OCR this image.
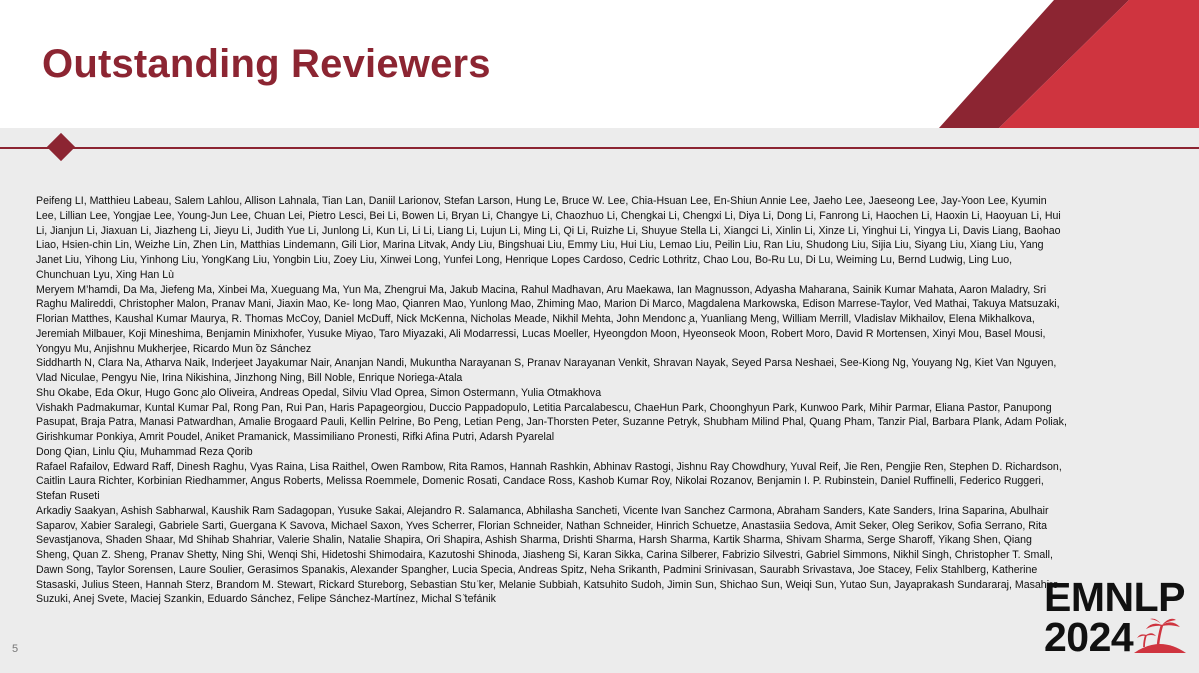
Outstanding Reviewers

Peifeng LI, Matthieu Labeau, Salem Lahlou, Allison Lahnala, Tian Lan, Daniil Larionov, Stefan Larson, Hung Le, Bruce W. Lee, Chia-Hsuan Lee, En-Shiun Annie Lee, Jaeho Lee, Jaeseong Lee, Jay-Yoon Lee, Kyumin Lee, Lillian Lee, Yongjae Lee, Young-Jun Lee, Chuan Lei, Pietro Lesci, Bei Li, Bowen Li, Bryan Li, Changye Li, Chaozhuo Li, Chengkai Li, Chengxi Li, Diya Li, Dong Li, Fanrong Li, Haochen Li, Haoxin Li, Haoyuan Li, Hui Li, Jianjun Li, Jiaxuan Li, Jiazheng Li, Jieyu Li, Judith Yue Li, Junlong Li, Kun Li, Li Li, Liang Li, Lujun Li, Ming Li, Qi Li, Ruizhe Li, Shuyue Stella Li, Xiangci Li, Xinlin Li, Xinze Li, Yinghui Li, Yingya Li, Davis Liang, Baohao Liao, Hsien-chin Lin, Weizhe Lin, Zhen Lin, Matthias Lindemann, Gili Lior, Marina Litvak, Andy Liu, Bingshuai Liu, Emmy Liu, Hui Liu, Lemao Liu, Peilin Liu, Ran Liu, Shudong Liu, Sijia Liu, Siyang Liu, Xiang Liu, Yang Janet Liu, Yihong Liu, Yinhong Liu, YongKang Liu, Yongbin Liu, Zoey Liu, Xinwei Long, Yunfei Long, Henrique Lopes Cardoso, Cedric Lothritz, Chao Lou, Bo-Ru Lu, Di Lu, Weiming Lu, Bernd Ludwig, Ling Luo, Chunchuan Lyu, Xing Han Lù

Meryem M’hamdi, Da Ma, Jiefeng Ma, Xinbei Ma, Xueguang Ma, Yun Ma, Zhengrui Ma, Jakub Macina, Rahul Madhavan, Aru Maekawa, Ian Magnusson, Adyasha Maharana, Sainik Kumar Mahata, Aaron Maladry, Sri Raghu Malireddi, Christopher Malon, Pranav Mani, Jiaxin Mao, Ke- long Mao, Qianren Mao, Yunlong Mao, Zhiming Mao, Marion Di Marco, Magdalena Markowska, Edison Marrese-Taylor, Ved Mathai, Takuya Matsuzaki, Florian Matthes, Kaushal Kumar Maurya, R. Thomas McCoy, Daniel McDuff, Nick McKenna, Nicholas Meade, Nikhil Mehta, John Mendonc ̧a, Yuanliang Meng, William Merrill, Vladislav Mikhailov, Elena Mikhalkova, Jeremiah Milbauer, Koji Mineshima, Benjamin Minixhofer, Yusuke Miyao, Taro Miyazaki, Ali Modarressi, Lucas Moeller, Hyeongdon Moon, Hyeonseok Moon, Robert Moro, David R Mortensen, Xinyi Mou, Basel Mousi, Yongyu Mu, Anjishnu Mukherjee, Ricardo Mun ̃oz Sánchez

Siddharth N, Clara Na, Atharva Naik, Inderjeet Jayakumar Nair, Ananjan Nandi, Mukuntha Narayanan S, Pranav Narayanan Venkit, Shravan Nayak, Seyed Parsa Neshaei, See-Kiong Ng, Youyang Ng, Kiet Van Nguyen, Vlad Niculae, Pengyu Nie, Irina Nikishina, Jinzhong Ning, Bill Noble, Enrique Noriega-Atala

Shu Okabe, Eda Okur, Hugo Gonc ̧alo Oliveira, Andreas Opedal, Silviu Vlad Oprea, Simon Ostermann, Yulia Otmakhova

Vishakh Padmakumar, Kuntal Kumar Pal, Rong Pan, Rui Pan, Haris Papageorgiou, Duccio Pappadopulo, Letitia Parcalabescu, ChaeHun Park, Choonghyun Park, Kunwoo Park, Mihir Parmar, Eliana Pastor, Panupong Pasupat, Braja Patra, Manasi Patwardhan, Amalie Brogaard Pauli, Kellin Pelrine, Bo Peng, Letian Peng, Jan-Thorsten Peter, Suzanne Petryk, Shubham Milind Phal, Quang Pham, Tanzir Pial, Barbara Plank, Adam Poliak, Girishkumar Ponkiya, Amrit Poudel, Aniket Pramanick, Massimiliano Pronesti, Rifki Afina Putri, Adarsh Pyarelal

Dong Qian, Linlu Qiu, Muhammad Reza Qorib

Rafael Rafailov, Edward Raff, Dinesh Raghu, Vyas Raina, Lisa Raithel, Owen Rambow, Rita Ramos, Hannah Rashkin, Abhinav Rastogi, Jishnu Ray Chowdhury, Yuval Reif, Jie Ren, Pengjie Ren, Stephen D. Richardson, Caitlin Laura Richter, Korbinian Riedhammer, Angus Roberts, Melissa Roemmele, Domenic Rosati, Candace Ross, Kashob Kumar Roy, Nikolai Rozanov, Benjamin I. P. Rubinstein, Daniel Ruffinelli, Federico Ruggeri, Stefan Ruseti

Arkadiy Saakyan, Ashish Sabharwal, Kaushik Ram Sadagopan, Yusuke Sakai, Alejandro R. Salamanca, Abhilasha Sancheti, Vicente Ivan Sanchez Carmona, Abraham Sanders, Kate Sanders, Irina Saparina, Abulhair Saparov, Xabier Saralegi, Gabriele Sarti, Guergana K Savova, Michael Saxon, Yves Scherrer, Florian Schneider, Nathan Schneider, Hinrich Schuetze, Anastasiia Sedova, Amit Seker, Oleg Serikov, Sofia Serrano, Rita Sevastjanova, Shaden Shaar, Md Shihab Shahriar, Valerie Shalin, Natalie Shapira, Ori Shapira, Ashish Sharma, Drishti Sharma, Harsh Sharma, Kartik Sharma, Shivam Sharma, Serge Sharoff, Yikang Shen, Qiang Sheng, Quan Z. Sheng, Pranav Shetty, Ning Shi, Wenqi Shi, Hidetoshi Shimodaira, Kazutoshi Shinoda, Jiasheng Si, Karan Sikka, Carina Silberer, Fabrizio Silvestri, Gabriel Simmons, Nikhil Singh, Christopher T. Small, Dawn Song, Taylor Sorensen, Laure Soulier, Gerasimos Spanakis, Alexander Spangher, Lucia Specia, Andreas Spitz, Neha Srikanth, Padmini Srinivasan, Saurabh Srivastava, Joe Stacey, Felix Stahlberg, Katherine Stasaski, Julius Steen, Hannah Sterz, Brandom M. Stewart, Rickard Stureborg, Sebastian Stu ̈ker, Melanie Subbiah, Katsuhito Sudoh, Jimin Sun, Shichao Sun, Weiqi Sun, Yutao Sun, Jayaprakash Sundararaj, Masahiro Suzuki, Anej Svete, Maciej Szankin, Eduardo Sánchez, Felipe Sánchez-Martínez, Michal S ̆tefánik

5
EMNLP
2024
